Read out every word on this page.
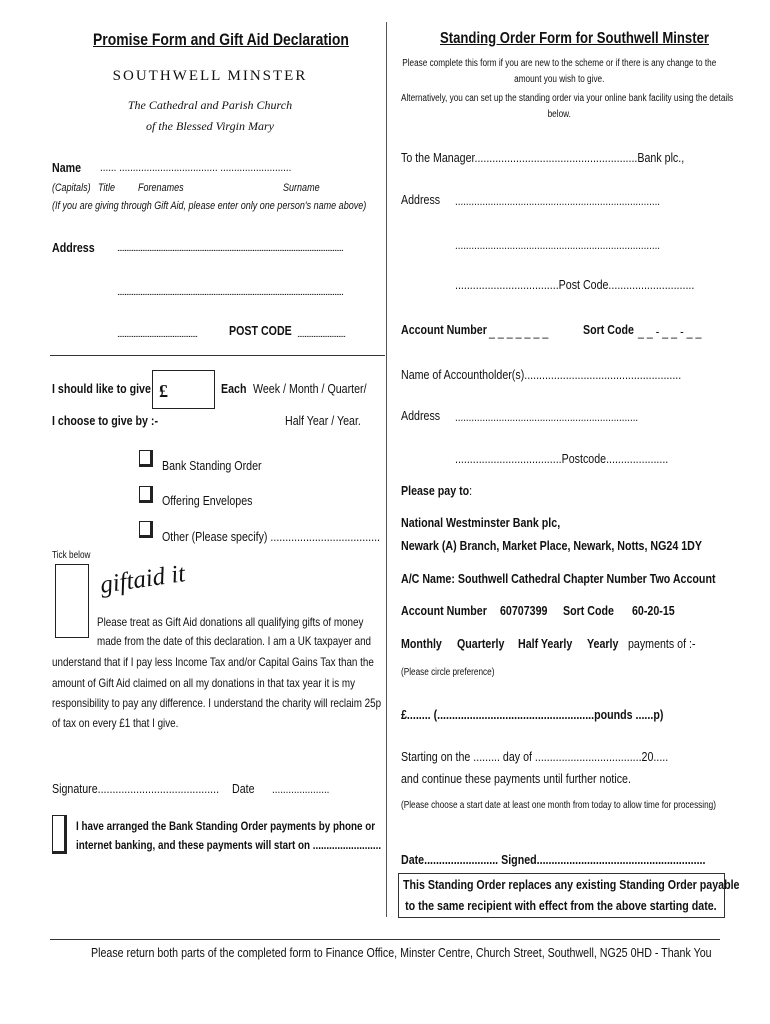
Promise Form and Gift Aid Declaration
SOUTHWELL MINSTER
The Cathedral and Parish Church
of the Blessed Virgin Mary
Name ...... .................................... ..........................
(Capitals) Title Forenames	Surname
(If you are giving through Gift Aid, please enter only one person's name above)
Address ...............................................................................................................................
...............................................................................................................................
.............................................	POST CODE ...........................
I should like to give £	Each Week / Month / Quarter/
I choose to give by :-	Half Year / Year.
Bank Standing Order
Offering Envelopes
Other (Please specify) .....................................
Tick below
giftaid it
Please treat as Gift Aid donations all qualifying gifts of money
made from the date of this declaration. I am a UK taxpayer and
understand that if I pay less Income Tax and/or Capital Gains Tax than the
amount of Gift Aid claimed on all my donations in that tax year it is my
responsibility to pay any difference. I understand the charity will reclaim 25p
of tax on every £1 that I give.
Signature......................................... Date .....................
I have arranged the Bank Standing Order payments by phone or
internet banking, and these payments will start on .........................
Standing Order Form for Southwell Minster
Please complete this form if you are new to the scheme or if there is any change to the
amount you wish to give.
Alternatively, you can set up the standing order via your online bank facility using the details
below.
To the Manager.......................................................Bank plc.,
Address ...........................................................................
...........................................................................
...................................Post Code.............................
Account Number _ _ _ _ _ _ _	Sort Code _ _ - _ _ - _ _
Name of Accountholder(s).....................................................
Address ...................................................................
....................................Postcode.....................
Please pay to:
National Westminster Bank plc,
Newark (A) Branch, Market Place, Newark, Notts, NG24 1DY
A/C Name: Southwell Cathedral Chapter Number Two Account
Account Number 60707399 Sort Code 60-20-15
Monthly Quarterly Half Yearly Yearly payments of :-
(Please circle preference)
£........ (.....................................................pounds ......p)
Starting on the ......... day of ....................................20.....
and continue these payments until further notice.
(Please choose a start date at least one month from today to allow time for processing)
Date......................... Signed.........................................................
This Standing Order replaces any existing Standing Order payable
to the same recipient with effect from the above starting date.
Please return both parts of the completed form to Finance Office, Minster Centre, Church Street, Southwell, NG25 0HD - Thank You
